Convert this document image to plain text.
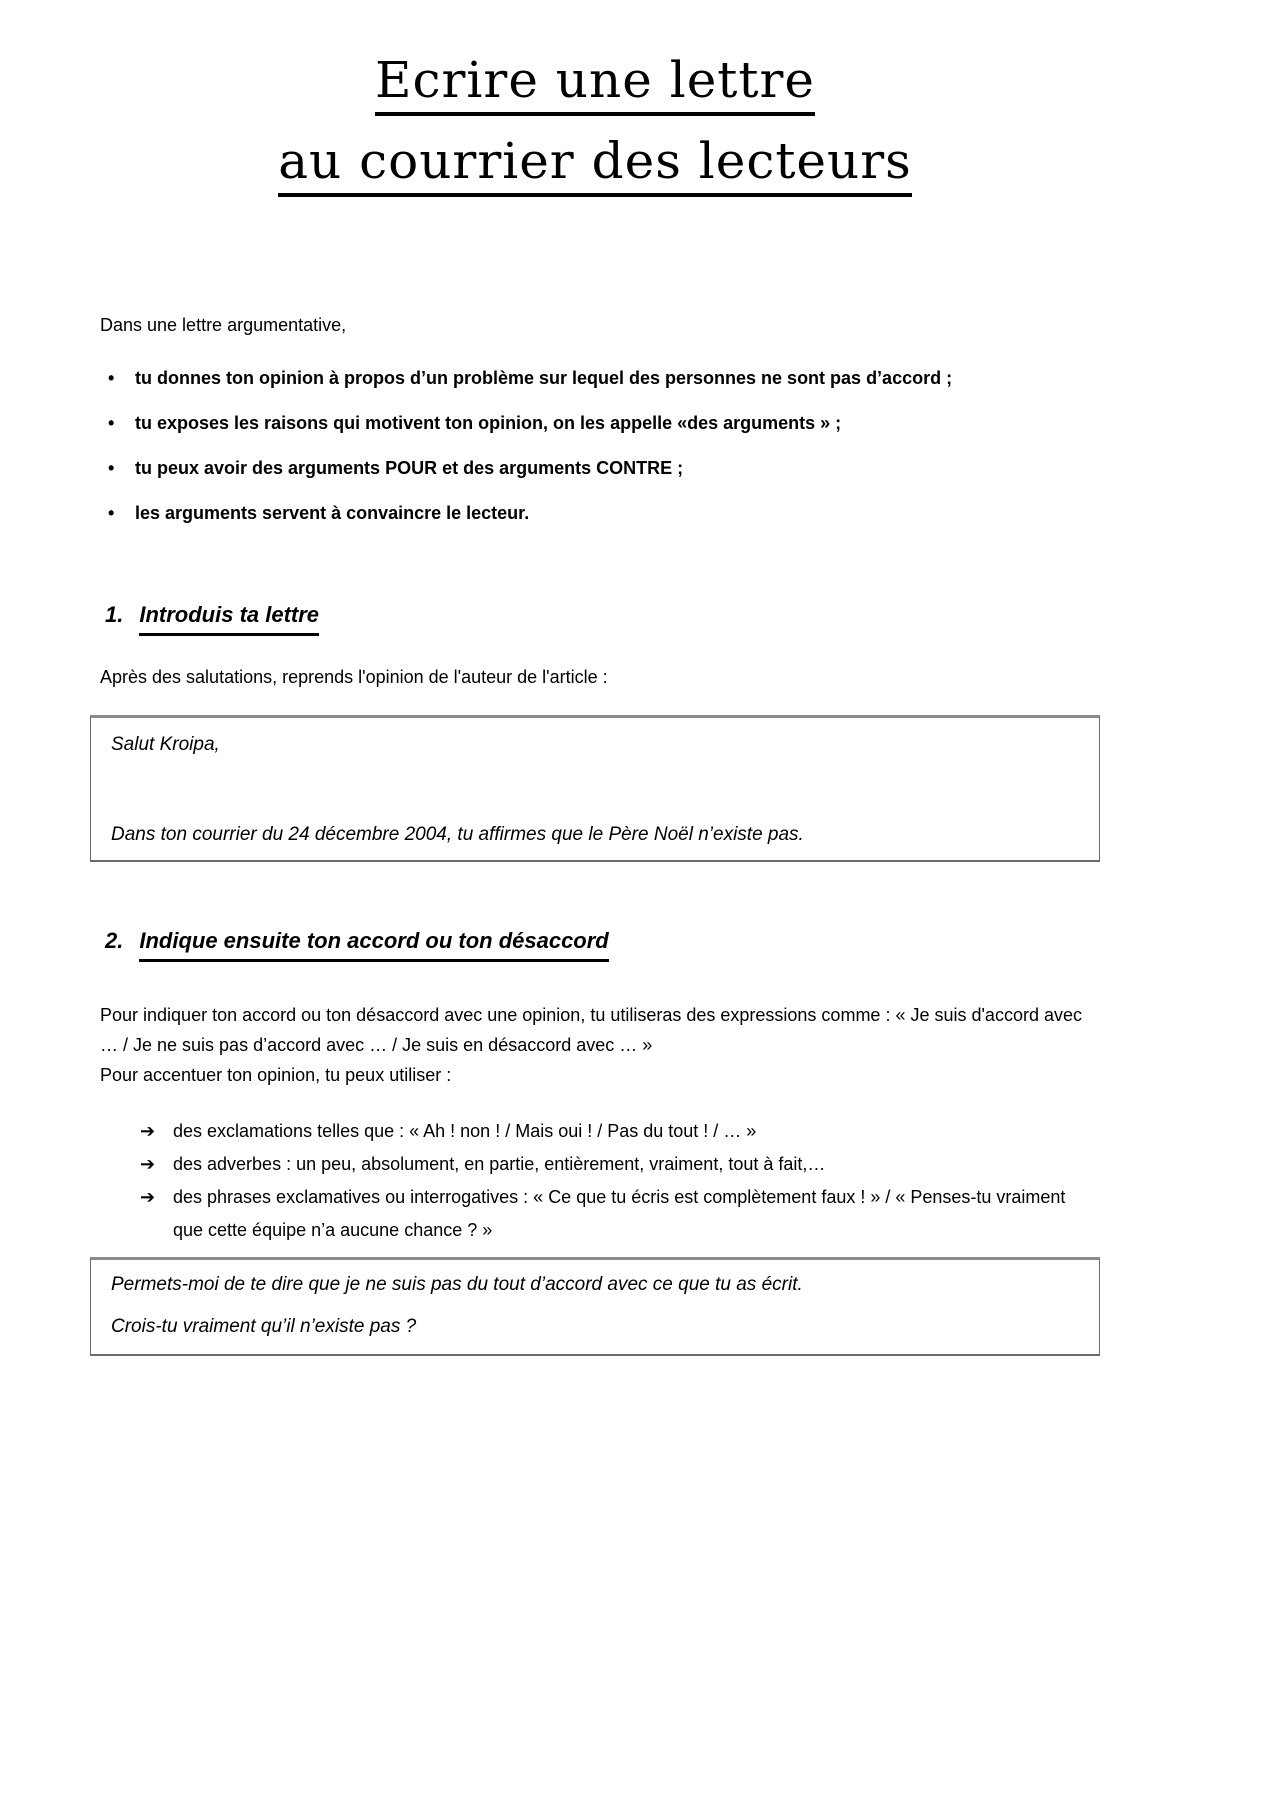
Ecrire une lettre
au courrier des lecteurs

Dans une lettre argumentative,

•	tu donnes ton opinion à propos d’un problème sur lequel des personnes ne sont pas d’accord ;
•	tu exposes les raisons qui motivent ton opinion, on les appelle «des arguments » ;
•	tu peux avoir des arguments POUR et des arguments CONTRE ;
•	les arguments servent à convaincre le lecteur.
1. Introduis ta lettre

Après des salutations, reprends l'opinion de l'auteur de l'article :

Salut Kroipa,

Dans ton courrier du 24 décembre 2004, tu affirmes que le Père Noël n’existe pas.

2. Indique ensuite ton accord ou ton désaccord

Pour indiquer ton accord ou ton désaccord avec une opinion, tu utiliseras des expressions comme : « Je suis d'accord avec … / Je ne suis pas d’accord avec … / Je suis en désaccord avec … »

Pour accentuer ton opinion, tu peux utiliser :

➔ des exclamations telles que : « Ah ! non ! / Mais oui ! / Pas du tout ! / … »
➔ des adverbes : un peu, absolument, en partie, entièrement, vraiment, tout à fait,…
➔ des phrases exclamatives ou interrogatives : « Ce que tu écris est complètement faux ! » / « Penses-tu vraiment que cette équipe n’a aucune chance ? »

Permets-moi de te dire que je ne suis pas du tout d’accord avec ce que tu as écrit.

Crois-tu vraiment qu’il n’existe pas ?
